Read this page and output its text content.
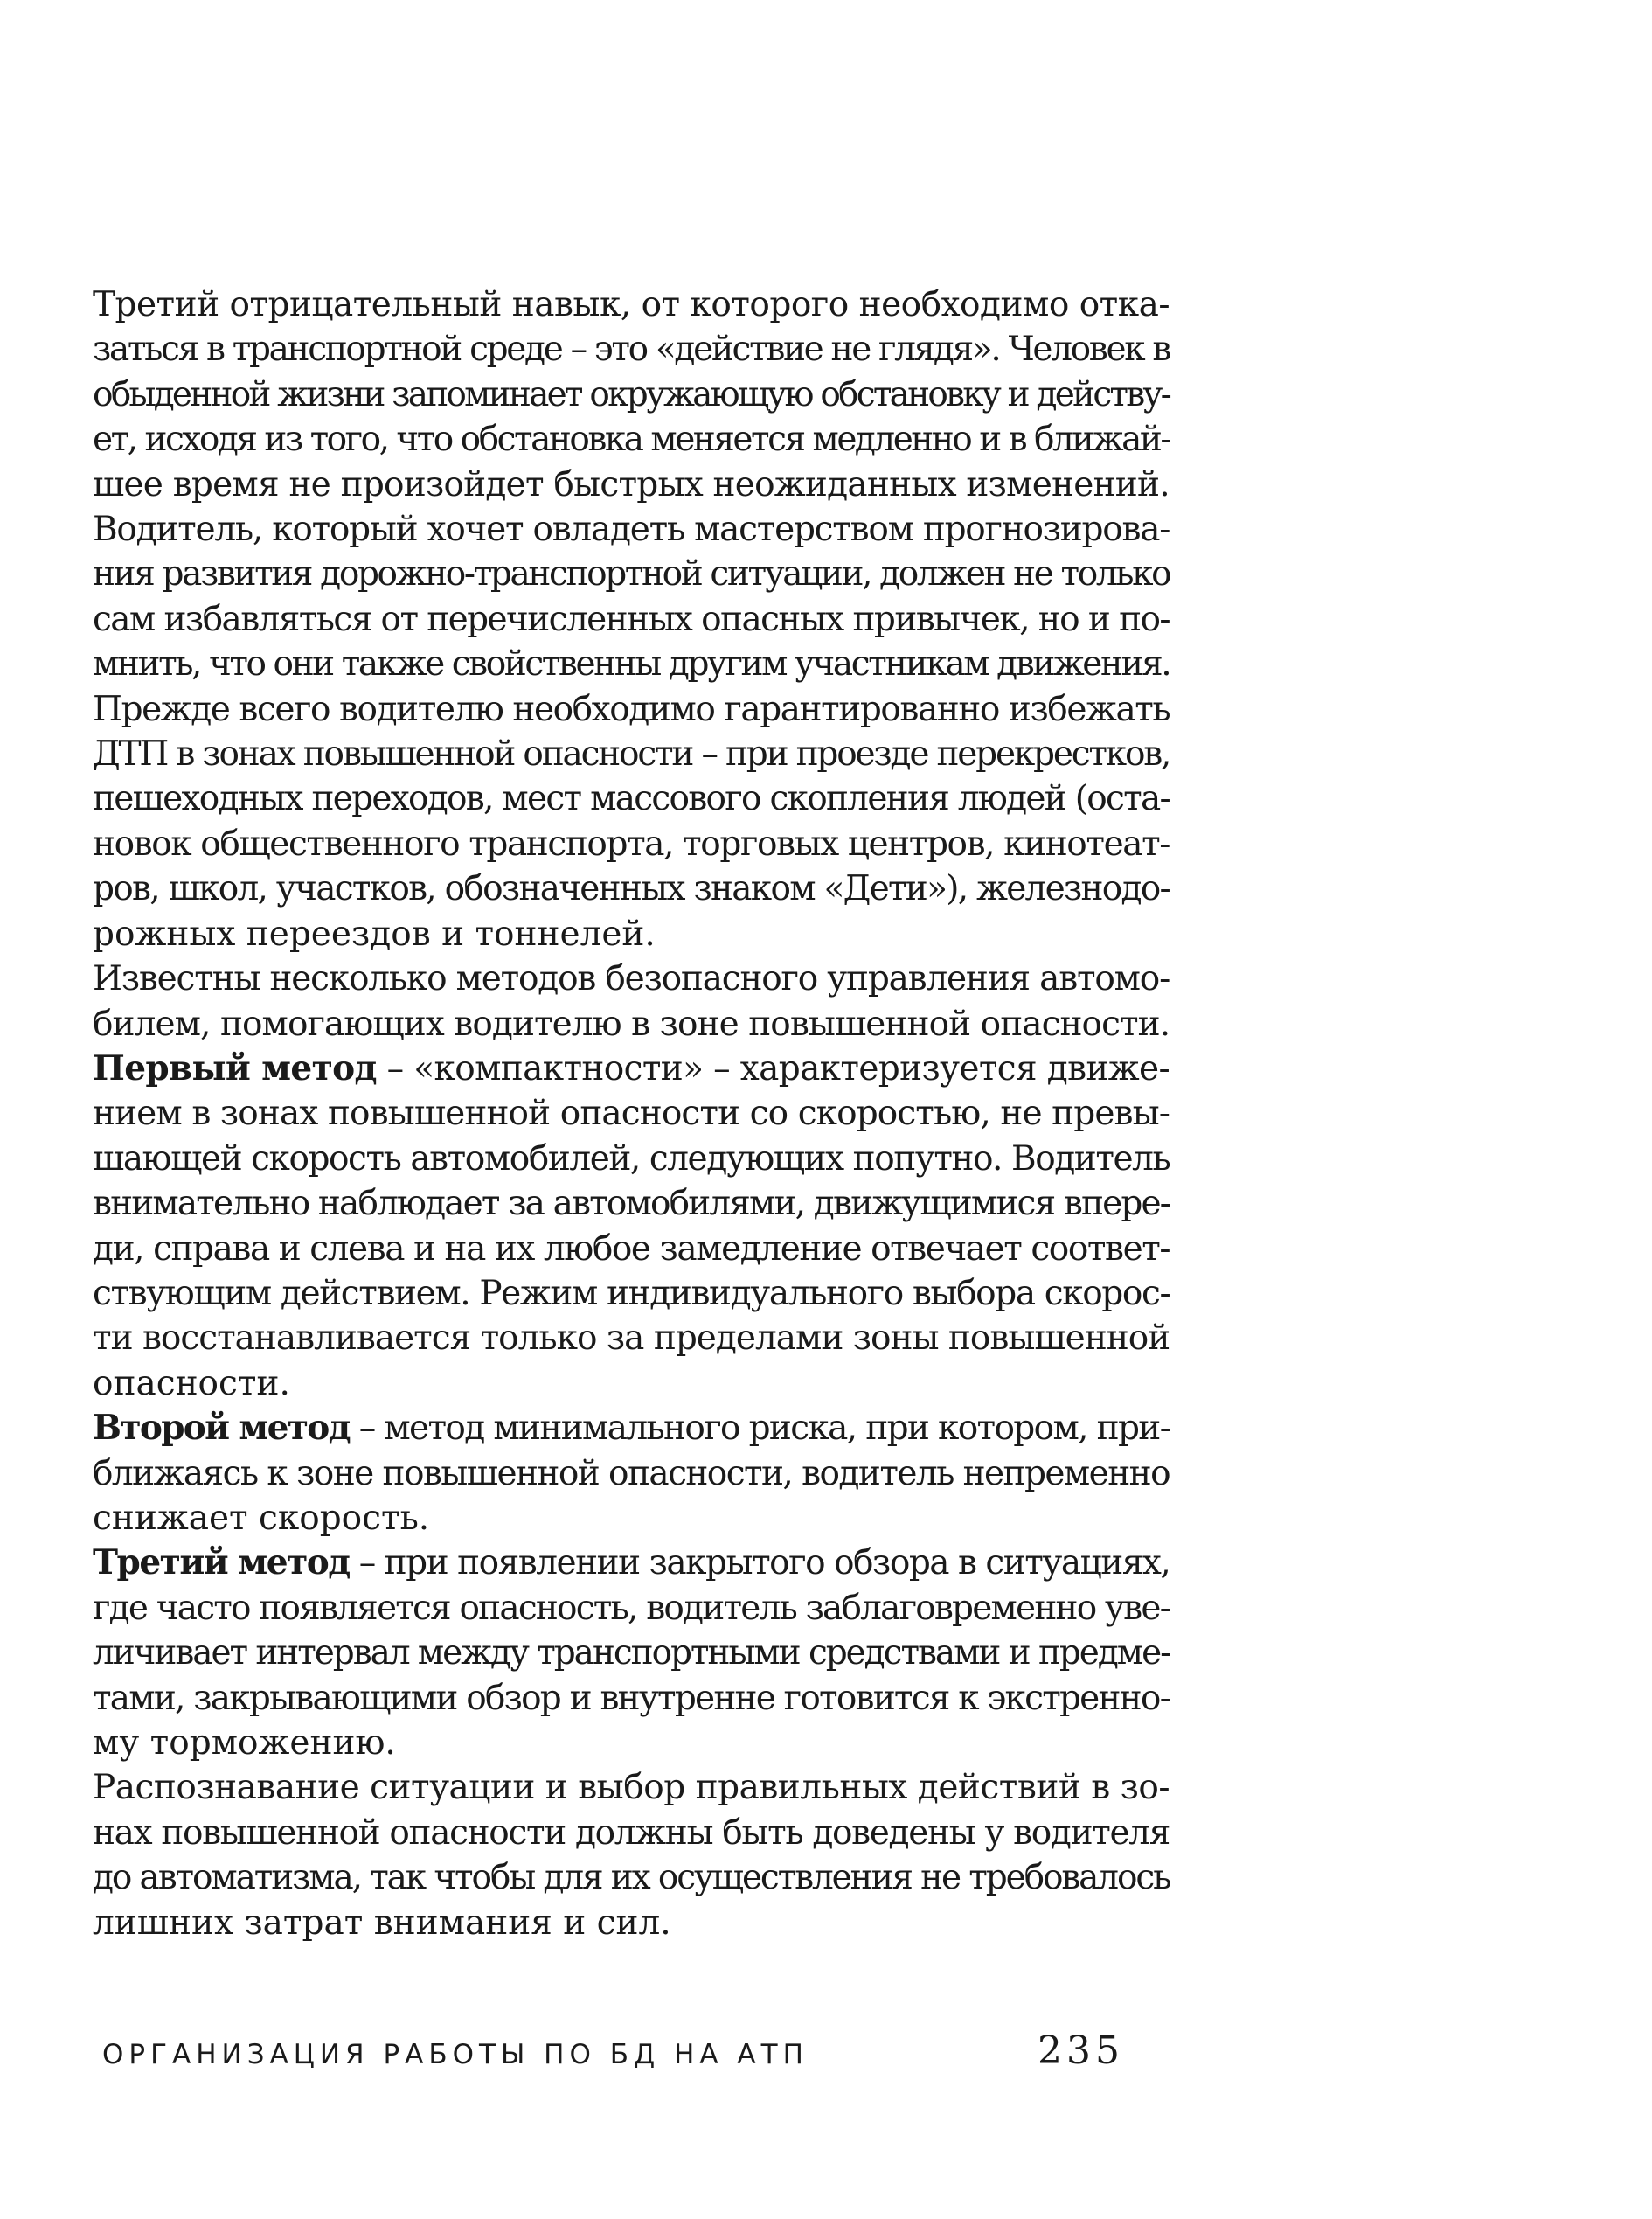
Третий отрицательный навык, от которого необходимо отка-
заться в транспортной среде – это «действие не глядя». Человек в
обыденной жизни запоминает окружающую обстановку и действу-
ет, исходя из того, что обстановка меняется медленно и в ближай-
шее время не произойдет быстрых неожиданных изменений.

Водитель, который хочет овладеть мастерством прогнозирова-
ния развития дорожно-транспортной ситуации, должен не только
сам избавляться от перечисленных опасных привычек, но и по-
мнить, что они также свойственны другим участникам движения.
Прежде всего водителю необходимо гарантированно избежать
ДТП в зонах повышенной опасности – при проезде перекрестков,
пешеходных переходов, мест массового скопления людей (оста-
новок общественного транспорта, торговых центров, кинотеат-
ров, школ, участков, обозначенных знаком «Дети»), железнодо-
рожных переездов и тоннелей.

Известны несколько методов безопасного управления автомо-
билем, помогающих водителю в зоне повышенной опасности.

Первый метод – «компактности» – характеризуется движе-
нием в зонах повышенной опасности со скоростью, не превы-
шающей скорость автомобилей, следующих попутно. Водитель
внимательно наблюдает за автомобилями, движущимися впере-
ди, справа и слева и на их любое замедление отвечает соответ-
ствующим действием. Режим индивидуального выбора скорос-
ти восстанавливается только за пределами зоны повышенной
опасности.

Второй метод – метод минимального риска, при котором, при-
ближаясь к зоне повышенной опасности, водитель непременно
снижает скорость.

Третий метод – при появлении закрытого обзора в ситуациях,
где часто появляется опасность, водитель заблаговременно уве-
личивает интервал между транспортными средствами и предме-
тами, закрывающими обзор и внутренне готовится к экстренно-
му торможению.

Распознавание ситуации и выбор правильных действий в зо-
нах повышенной опасности должны быть доведены у водителя
до автоматизма, так чтобы для их осуществления не требовалось
лишних затрат внимания и сил.

ОРГАНИЗАЦИЯ РАБОТЫ ПО БД НА АТП	235
